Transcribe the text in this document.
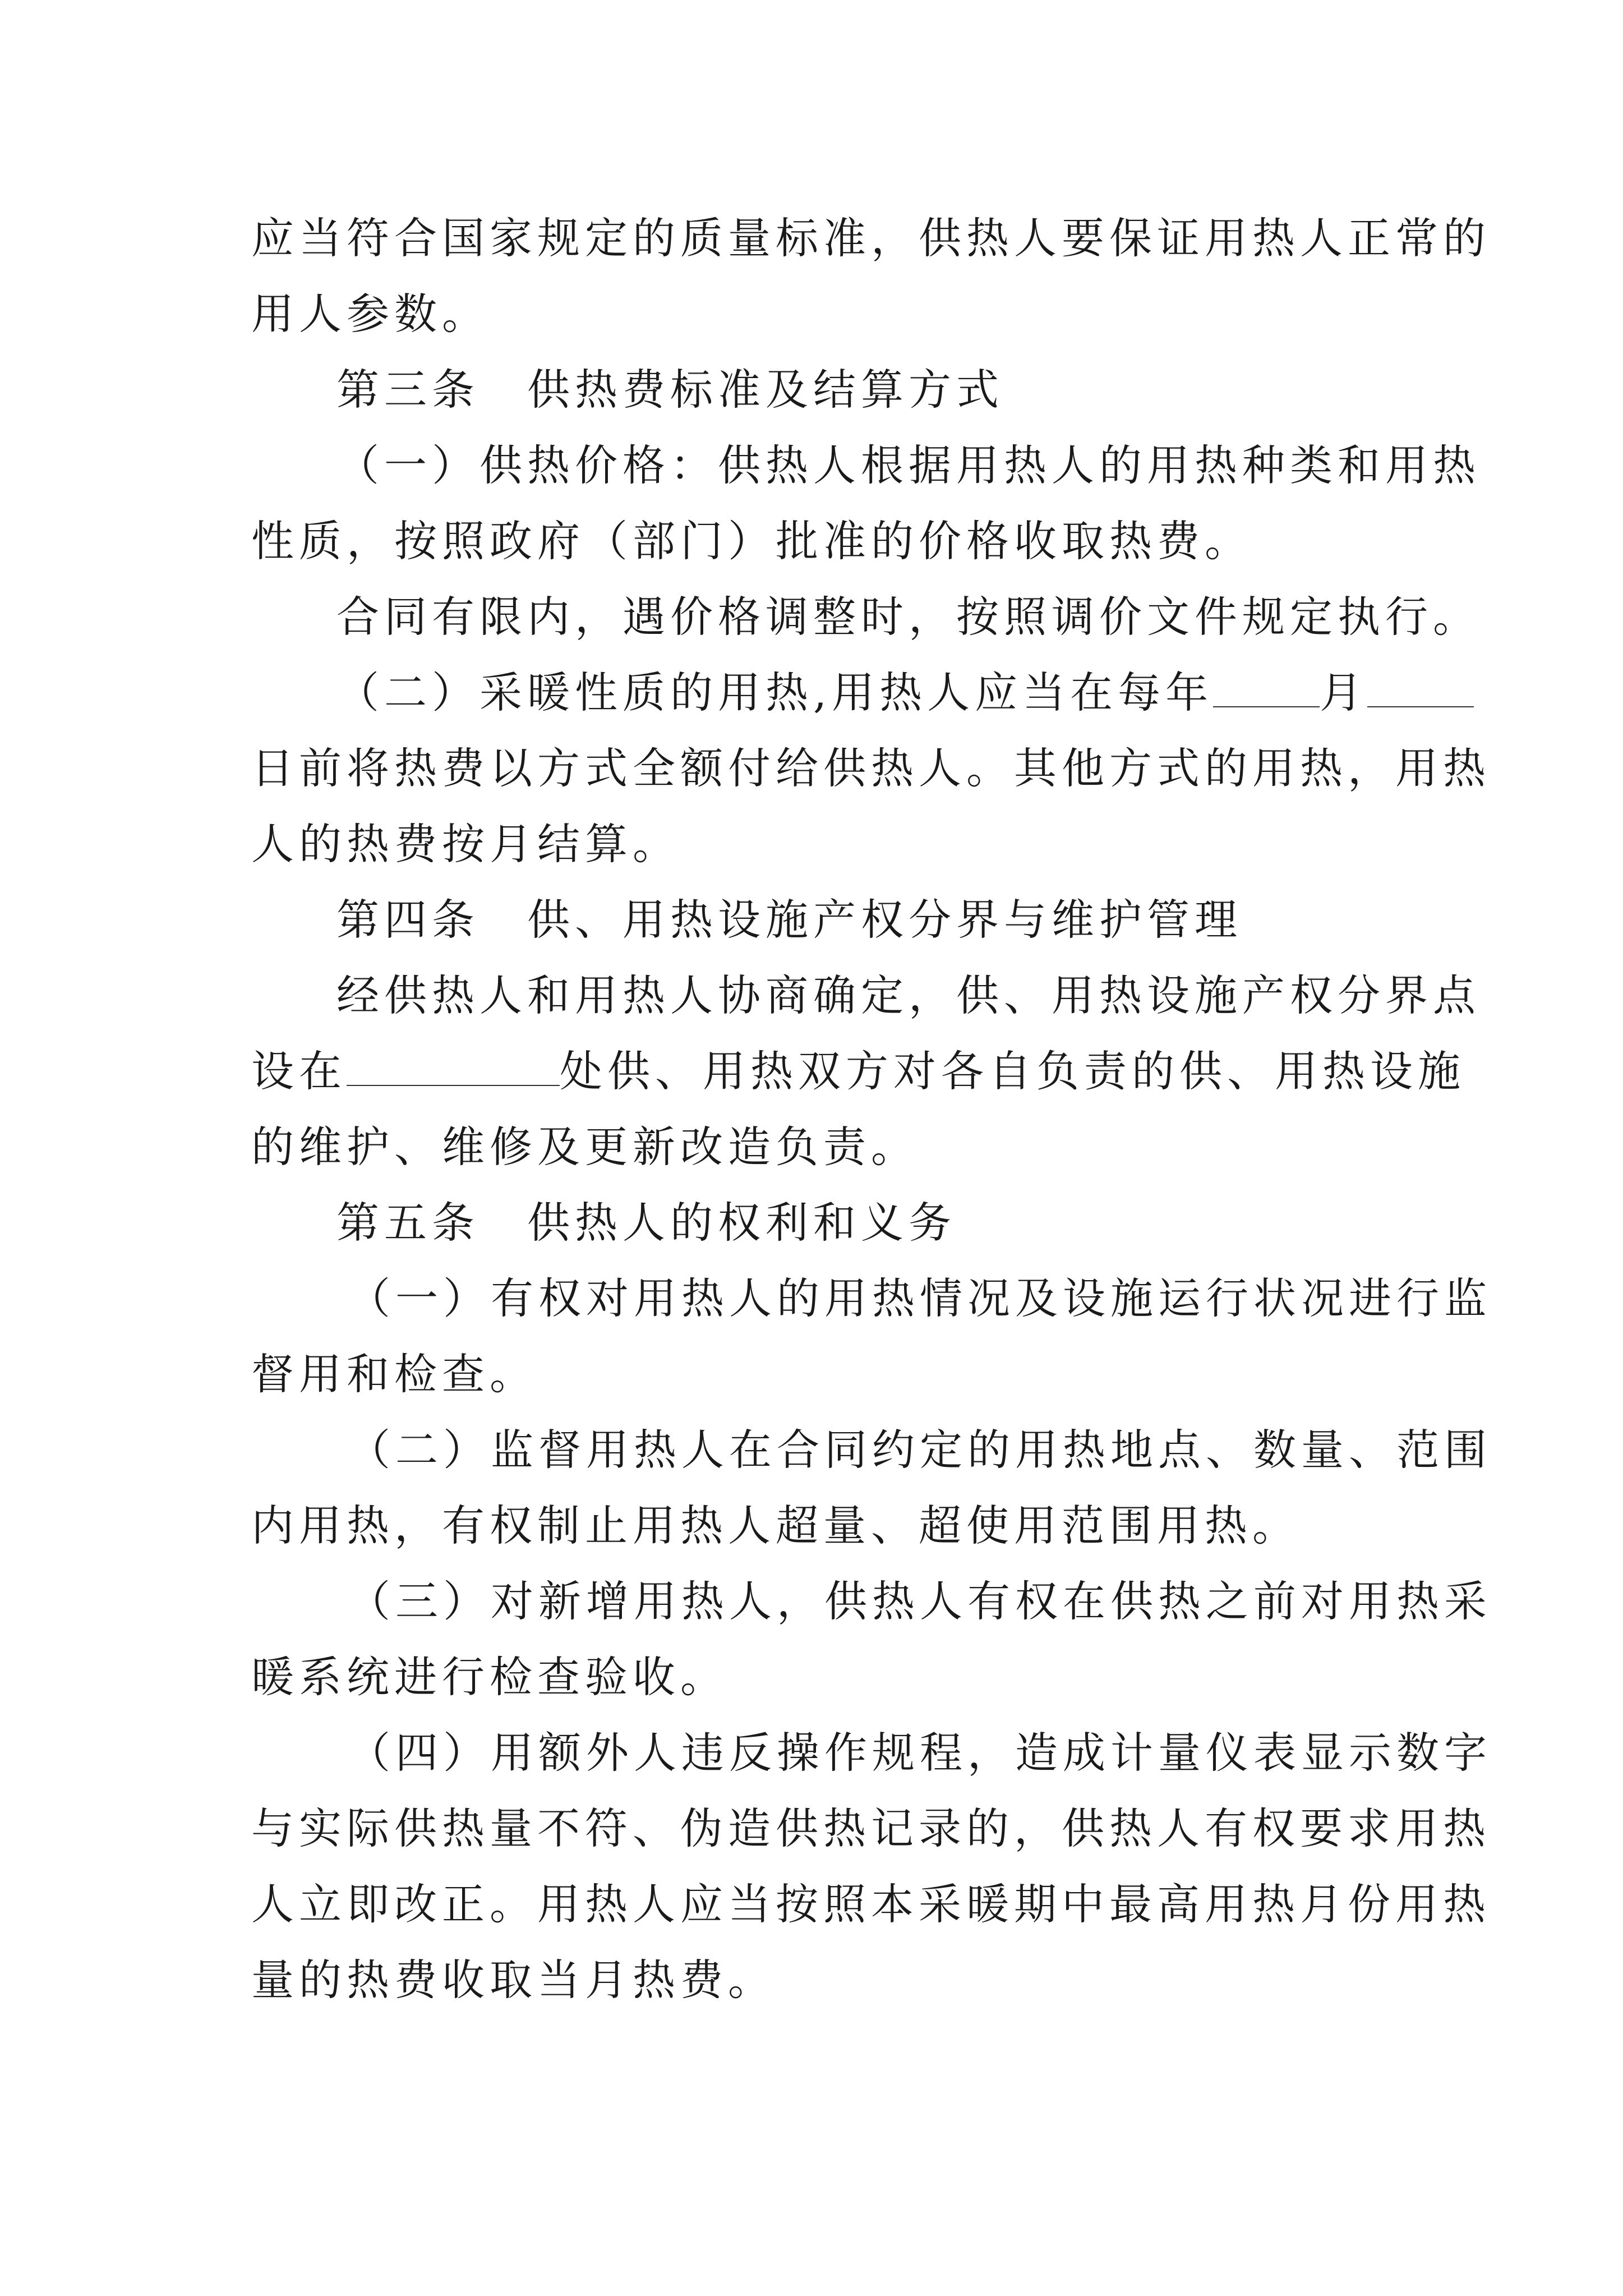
应当符合国家规定的质量标准，供热人要保证用热人正常的
用人参数。
第三条　供热费标准及结算方式
（一）供热价格：供热人根据用热人的用热种类和用热
性质，按照政府（部门）批准的价格收取热费。
合同有限内，遇价格调整时，按照调价文件规定执行。
（二）采暖性质的用热,用热人应当在每年	月
日前将热费以方式全额付给供热人。其他方式的用热，用热
人的热费按月结算。
第四条　供、用热设施产权分界与维护管理
经供热人和用热人协商确定，供、用热设施产权分界点
设在	处供、用热双方对各自负责的供、用热设施
的维护、维修及更新改造负责。
第五条　供热人的权利和义务
（一）有权对用热人的用热情况及设施运行状况进行监
督用和检查。
（二）监督用热人在合同约定的用热地点、数量、范围
内用热，有权制止用热人超量、超使用范围用热。
（三）对新增用热人，供热人有权在供热之前对用热采
暖系统进行检查验收。
（四）用额外人违反操作规程，造成计量仪表显示数字
与实际供热量不符、伪造供热记录的，供热人有权要求用热
人立即改正。用热人应当按照本采暖期中最高用热月份用热
量的热费收取当月热费。
